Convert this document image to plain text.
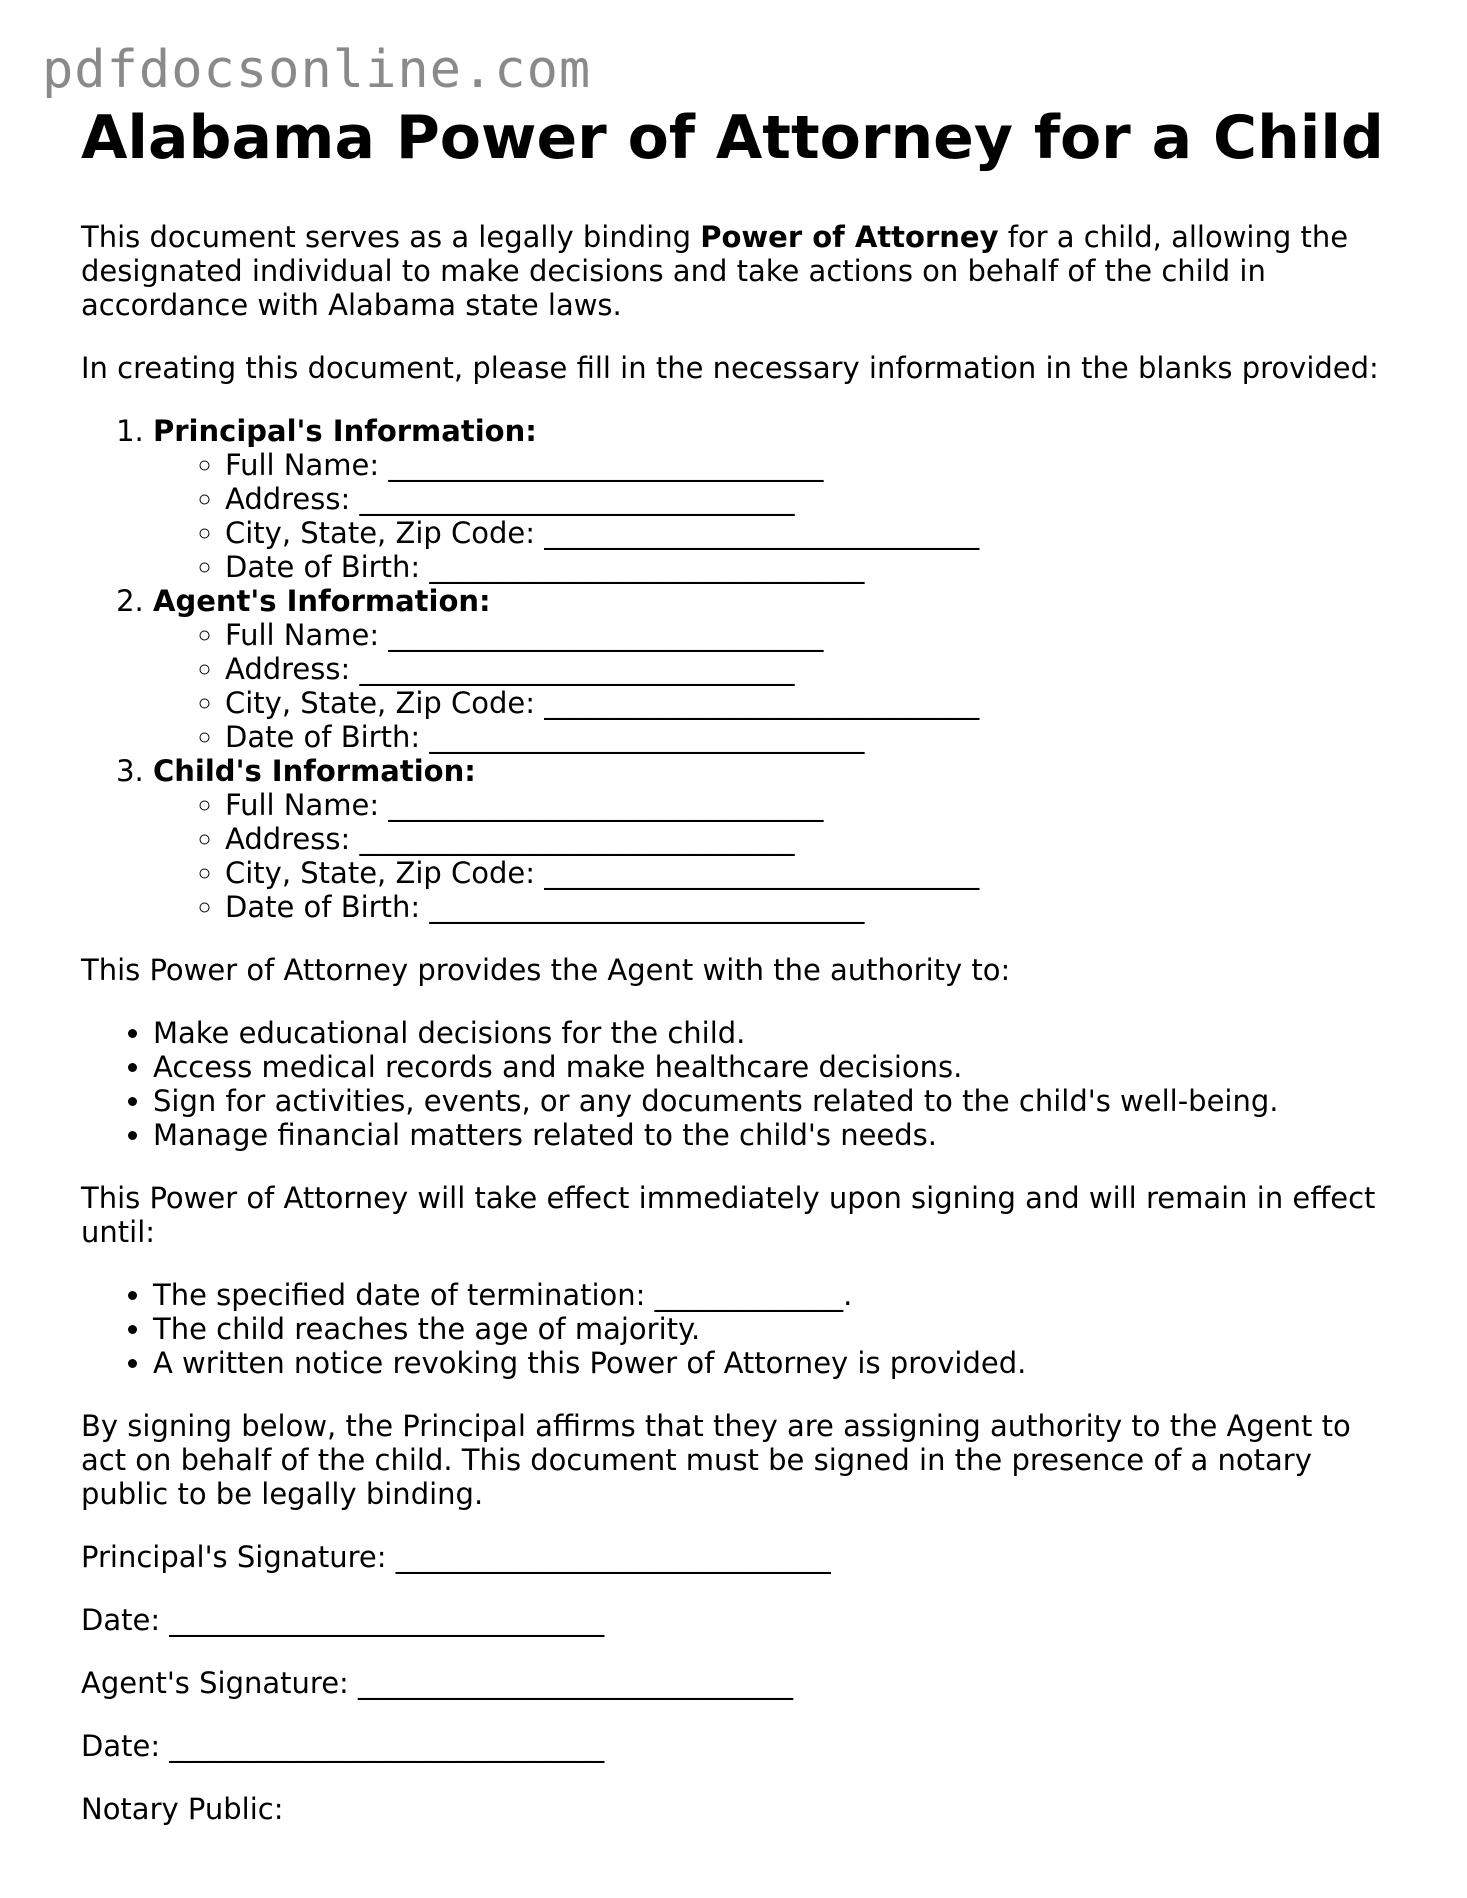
pdfdocsonline.com
Alabama Power of Attorney for a Child

This document serves as a legally binding Power of Attorney for a child, allowing the designated individual to make decisions and take actions on behalf of the child in accordance with Alabama state laws.

In creating this document, please fill in the necessary information in the blanks provided:

1. Principal's Information:
◦ Full Name: ______________________________
◦ Address: ______________________________
◦ City, State, Zip Code: ______________________________
◦ Date of Birth: ______________________________
2. Agent's Information:
◦ Full Name: ______________________________
◦ Address: ______________________________
◦ City, State, Zip Code: ______________________________
◦ Date of Birth: ______________________________
3. Child's Information:
◦ Full Name: ______________________________
◦ Address: ______________________________
◦ City, State, Zip Code: ______________________________
◦ Date of Birth: ______________________________

This Power of Attorney provides the Agent with the authority to:

• Make educational decisions for the child.
• Access medical records and make healthcare decisions.
• Sign for activities, events, or any documents related to the child's well-being.
• Manage financial matters related to the child's needs.

This Power of Attorney will take effect immediately upon signing and will remain in effect until:

• The specified date of termination: _____________.
• The child reaches the age of majority.
• A written notice revoking this Power of Attorney is provided.

By signing below, the Principal affirms that they are assigning authority to the Agent to act on behalf of the child. This document must be signed in the presence of a notary public to be legally binding.

Principal's Signature: ______________________________

Date: ______________________________

Agent's Signature: ______________________________

Date: ______________________________

Notary Public:
